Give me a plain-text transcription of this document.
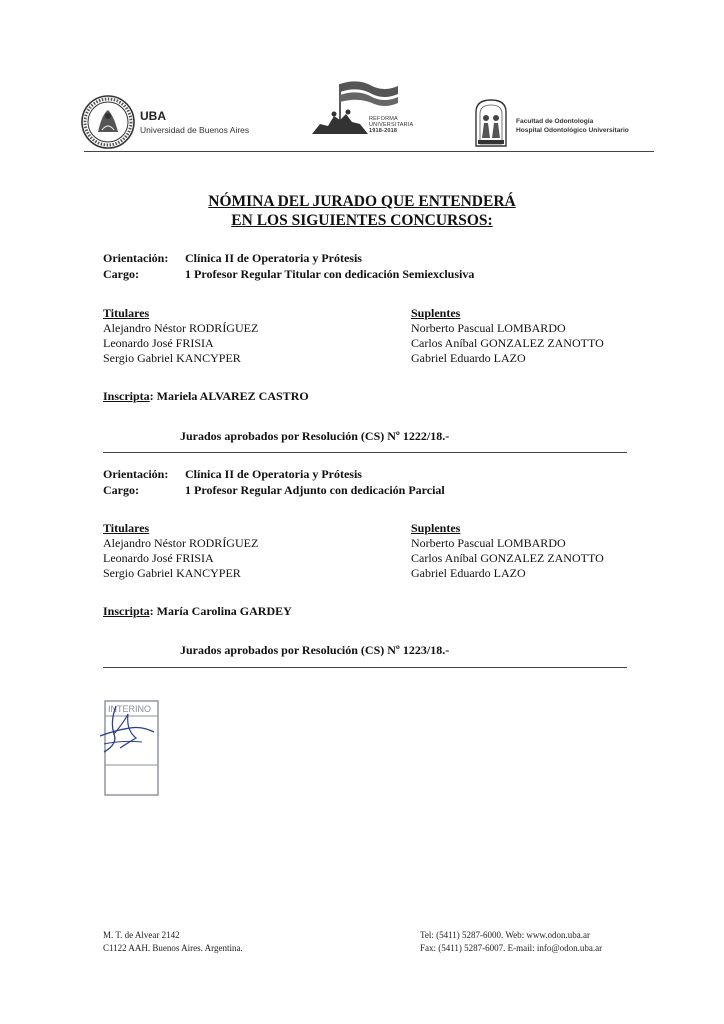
UBA
Universidad de Buenos Aires
REFORMA
UNIVERSITARIA
1918-2018
Facultad de Odontología
Hospital Odontológico Universitario
NÓMINA DEL JURADO QUE ENTENDERÁ
EN LOS SIGUIENTES CONCURSOS:
Orientación: Clínica II de Operatoria y Prótesis
Cargo:	1 Profesor Regular Titular con dedicación Semiexclusiva
Titulares
Alejandro Néstor RODRÍGUEZ
Leonardo José FRISIA
Sergio Gabriel KANCYPER
Suplentes
Norberto Pascual LOMBARDO
Carlos Aníbal GONZALEZ ZANOTTO
Gabriel Eduardo LAZO
Inscripta: Mariela ALVAREZ CASTRO
Jurados aprobados por Resolución (CS) Nº 1222/18.-
Orientación: Clínica II de Operatoria y Prótesis
Cargo:	1 Profesor Regular Adjunto con dedicación Parcial
Titulares
Alejandro Néstor RODRÍGUEZ
Leonardo José FRISIA
Sergio Gabriel KANCYPER
Suplentes
Norberto Pascual LOMBARDO
Carlos Aníbal GONZALEZ ZANOTTO
Gabriel Eduardo LAZO
Inscripta: María Carolina GARDEY
Jurados aprobados por Resolución (CS) Nº 1223/18.-
INTERINO
M. T. de Alvear 2142
C1122 AAH. Buenos Aires. Argentina.
Tel: (5411) 5287-6000. Web: www.odon.uba.ar
Fax: (5411) 5287-6007. E-mail: info@odon.uba.ar
